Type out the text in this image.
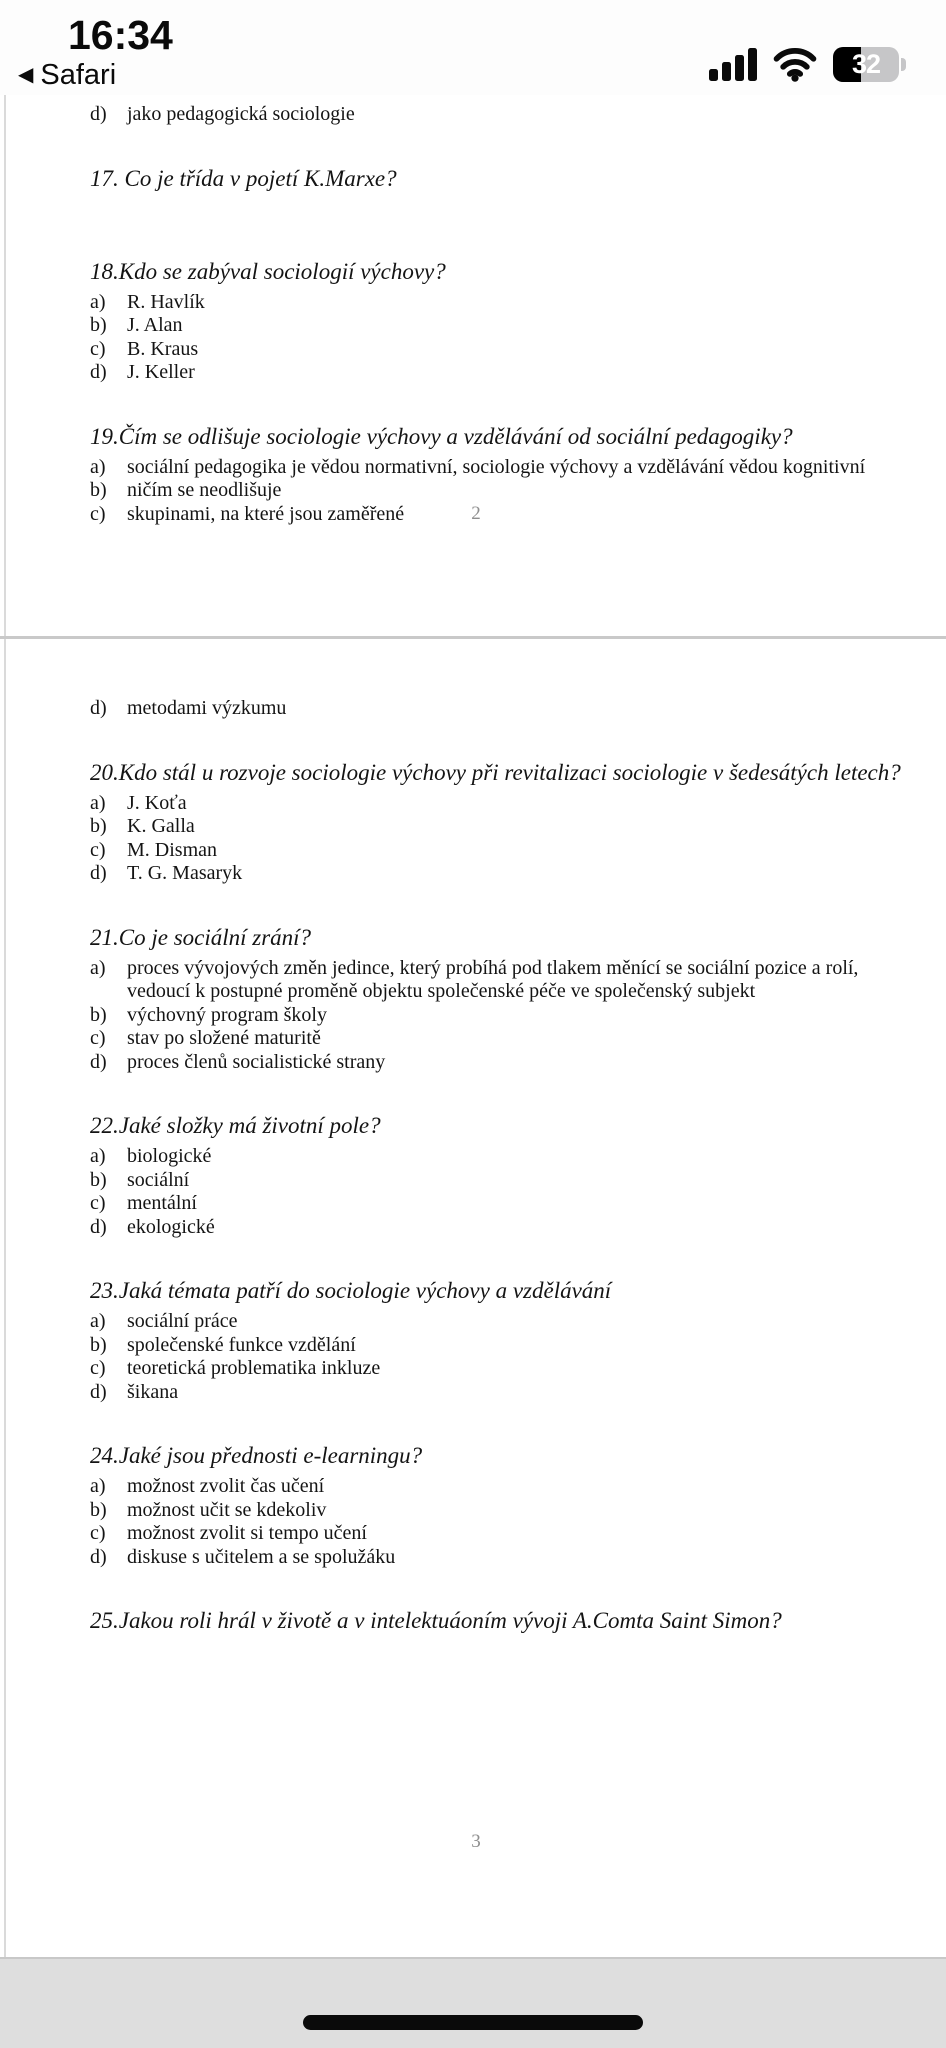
16:34
◀ Safari	32
d)	jako pedagogická sociologie
17. Co je třída v pojetí K.Marxe?
18.Kdo se zabýval sociologií výchovy?
a)	R. Havlík
b)	J. Alan
c)	B. Kraus
d)	J. Keller
19.Čím se odlišuje sociologie výchovy a vzdělávání od sociální pedagogiky?
a)	sociální pedagogika je vědou normativní, sociologie výchovy a vzdělávání vědou kognitivní
b)	ničím se neodlišuje
c)	skupinami, na které jsou zaměřené	2
d)	metodami výzkumu
20.Kdo stál u rozvoje sociologie výchovy při revitalizaci sociologie v šedesátých letech?
a)	J. Koťa
b)	K. Galla
c)	M. Disman
d)	T. G. Masaryk
21.Co je sociální zrání?
a)	proces vývojových změn jedince, který probíhá pod tlakem měnící se sociální pozice a rolí, vedoucí k postupné proměně objektu společenské péče ve společenský subjekt
b)	výchovný program školy
c)	stav po složené maturitě
d)	proces členů socialistické strany
22.Jaké složky má životní pole?
a)	biologické
b)	sociální
c)	mentální
d)	ekologické
23.Jaká témata patří do sociologie výchovy a vzdělávání
a)	sociální práce
b)	společenské funkce vzdělání
c)	teoretická problematika inkluze
d)	šikana
24.Jaké jsou přednosti e-learningu?
a)	možnost zvolit čas učení
b)	možnost učit se kdekoliv
c)	možnost zvolit si tempo učení
d)	diskuse s učitelem a se spolužáku
25.Jakou roli hrál v životě a v intelektuáoním vývoji A.Comta Saint Simon?
3
